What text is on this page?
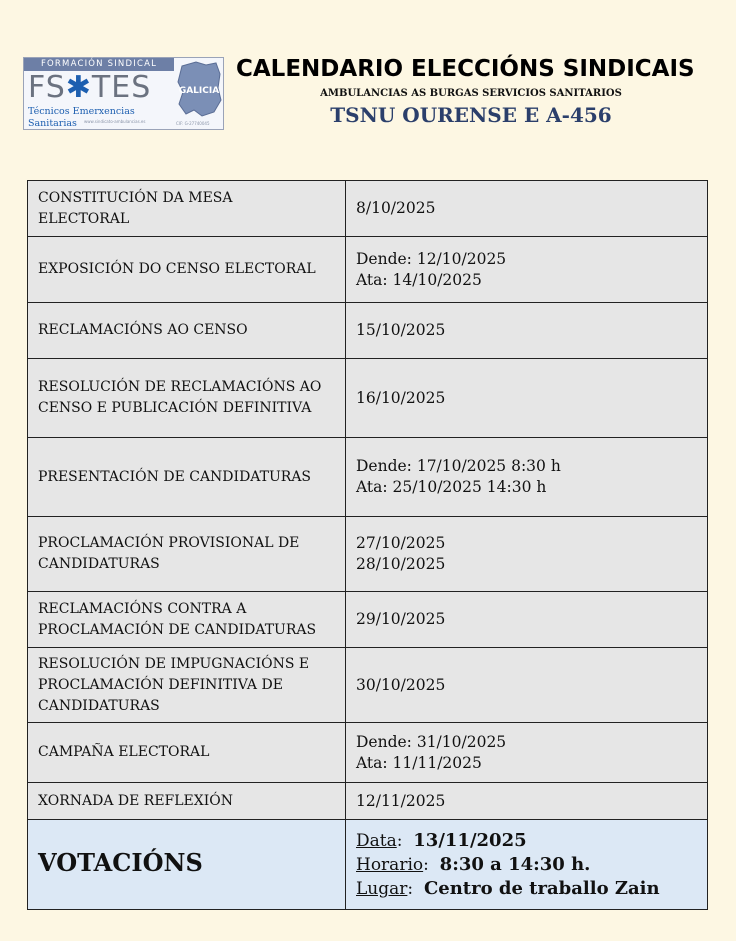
FORMACIÓN SINDICAL
GALICIA
FS✱TES
Técnicos Emerxencias Sanitarias	www.sindicato-ambulancias.es	CIF: G-27740045
CALENDARIO ELECCIÓNS SINDICAIS
AMBULANCIAS AS BURGAS SERVICIOS SANITARIOS
TSNU OURENSE E A-456
CONSTITUCIÓN DA MESA
ELECTORAL	8/10/2025

EXPOSICIÓN DO CENSO ELECTORAL	Dende: 12/10/2025
Ata: 14/10/2025

RECLAMACIÓNS AO CENSO	15/10/2025

RESOLUCIÓN DE RECLAMACIÓNS AO
CENSO E PUBLICACIÓN DEFINITIVA	16/10/2025

PRESENTACIÓN DE CANDIDATURAS	Dende: 17/10/2025 8:30 h
Ata: 25/10/2025 14:30 h

PROCLAMACIÓN PROVISIONAL DE
CANDIDATURAS	27/10/2025
28/10/2025

RECLAMACIÓNS CONTRA A
PROCLAMACIÓN DE CANDIDATURAS	29/10/2025

RESOLUCIÓN DE IMPUGNACIÓNS E
PROCLAMACIÓN DEFINITIVA DE
CANDIDATURAS	30/10/2025

CAMPAÑA ELECTORAL	Dende: 31/10/2025
Ata: 11/11/2025

XORNADA DE REFLEXIÓN	12/11/2025

VOTACIÓNS	Data:  13/11/2025
Horario:  8:30 a 14:30 h.
Lugar:  Centro de traballo Zain
